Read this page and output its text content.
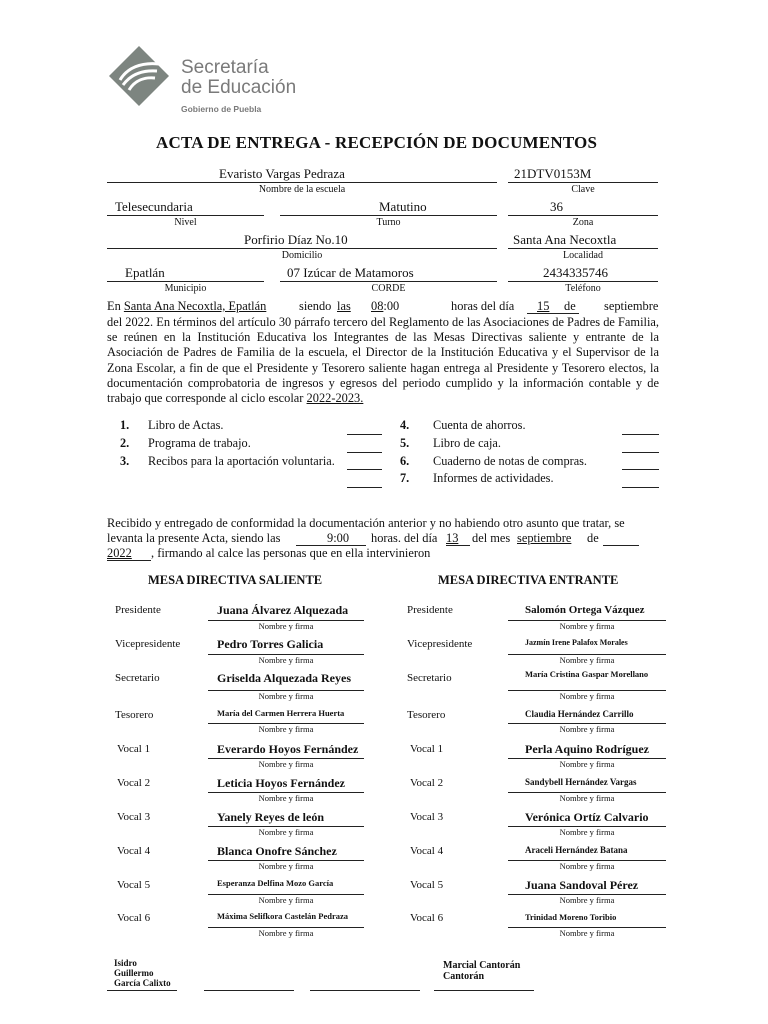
Secretaría
de Educación
Gobierno de Puebla
ACTA DE ENTREGA - RECEPCIÓN DE DOCUMENTOS
Evaristo Vargas Pedraza
Nombre de la escuela
21DTV0153M
Clave
Telesecundaria
Nivel
Matutino
Turno
36
Zona
Porfirio Díaz No.10
Domicilio
Santa Ana Necoxtla
Localidad
Epatlán
Municipio
07 Izúcar de Matamoros
CORDE
2434335746
Teléfono
En Santa Ana Necoxtla, Epatlán	siendo las 08:00	horas del día 15 de septiembre
del 2022. En términos del artículo 30 párrafo tercero del Reglamento de las Asociaciones de Padres de Familia, se reúnen en la Institución Educativa los Integrantes de las Mesas Directivas saliente y entrante de la Asociación de Padres de Familia de la escuela, el Director de la Institución Educativa y el Supervisor de la Zona Escolar, a fin de que el Presidente y Tesorero saliente hagan entrega al Presidente y Tesorero electos, la documentación comprobatoria de ingresos y egresos del periodo cumplido y la información contable y de trabajo que corresponde al ciclo escolar 2022-2023.
1. Libro de Actas.
2. Programa de trabajo.
3. Recibos para la aportación voluntaria.
4. Cuenta de ahorros.
5. Libro de caja.
6. Cuaderno de notas de compras.
7. Informes de actividades.
Recibido y entregado de conformidad la documentación anterior y no habiendo otro asunto que tratar, se
levanta la presente Acta, siendo las	9:00 horas. del día 13 del mes septiembre de
2022 , firmando al calce las personas que en ella intervinieron
MESA DIRECTIVA SALIENTE	MESA DIRECTIVA ENTRANTE
Presidente	Juana Álvarez Alquezada
Nombre y firma
Vicepresidente	Pedro Torres Galicia
Nombre y firma
Secretario	Griselda Alquezada Reyes
Nombre y firma
Tesorero	María del Carmen Herrera Huerta
Nombre y firma
Vocal 1	Everardo Hoyos Fernández
Nombre y firma
Vocal 2	Leticia Hoyos Fernández
Nombre y firma
Vocal 3	Yanely Reyes de león
Nombre y firma
Vocal 4	Blanca Onofre Sánchez
Nombre y firma
Vocal 5	Esperanza Delfina Mozo García
Nombre y firma
Vocal 6	Máxima Selifkora Castelán Pedraza
Nombre y firma
Presidente	Salomón Ortega Vázquez
Nombre y firma
Vicepresidente	Jazmín Irene Palafox Morales
Nombre y firma
Secretario	María Cristina Gaspar Morellano
Nombre y firma
Tesorero	Claudia Hernández Carrillo
Nombre y firma
Vocal 1	Perla Aquino Rodríguez
Nombre y firma
Vocal 2	Sandybell Hernández Vargas
Nombre y firma
Vocal 3	Verónica Ortíz Calvario
Nombre y firma
Vocal 4	Araceli Hernández Batana
Nombre y firma
Vocal 5	Juana Sandoval Pérez
Nombre y firma
Vocal 6	Trinidad Moreno Toribio
Nombre y firma
Isidro
Guillermo
García Calixto
Marcial Cantorán
Cantorán
